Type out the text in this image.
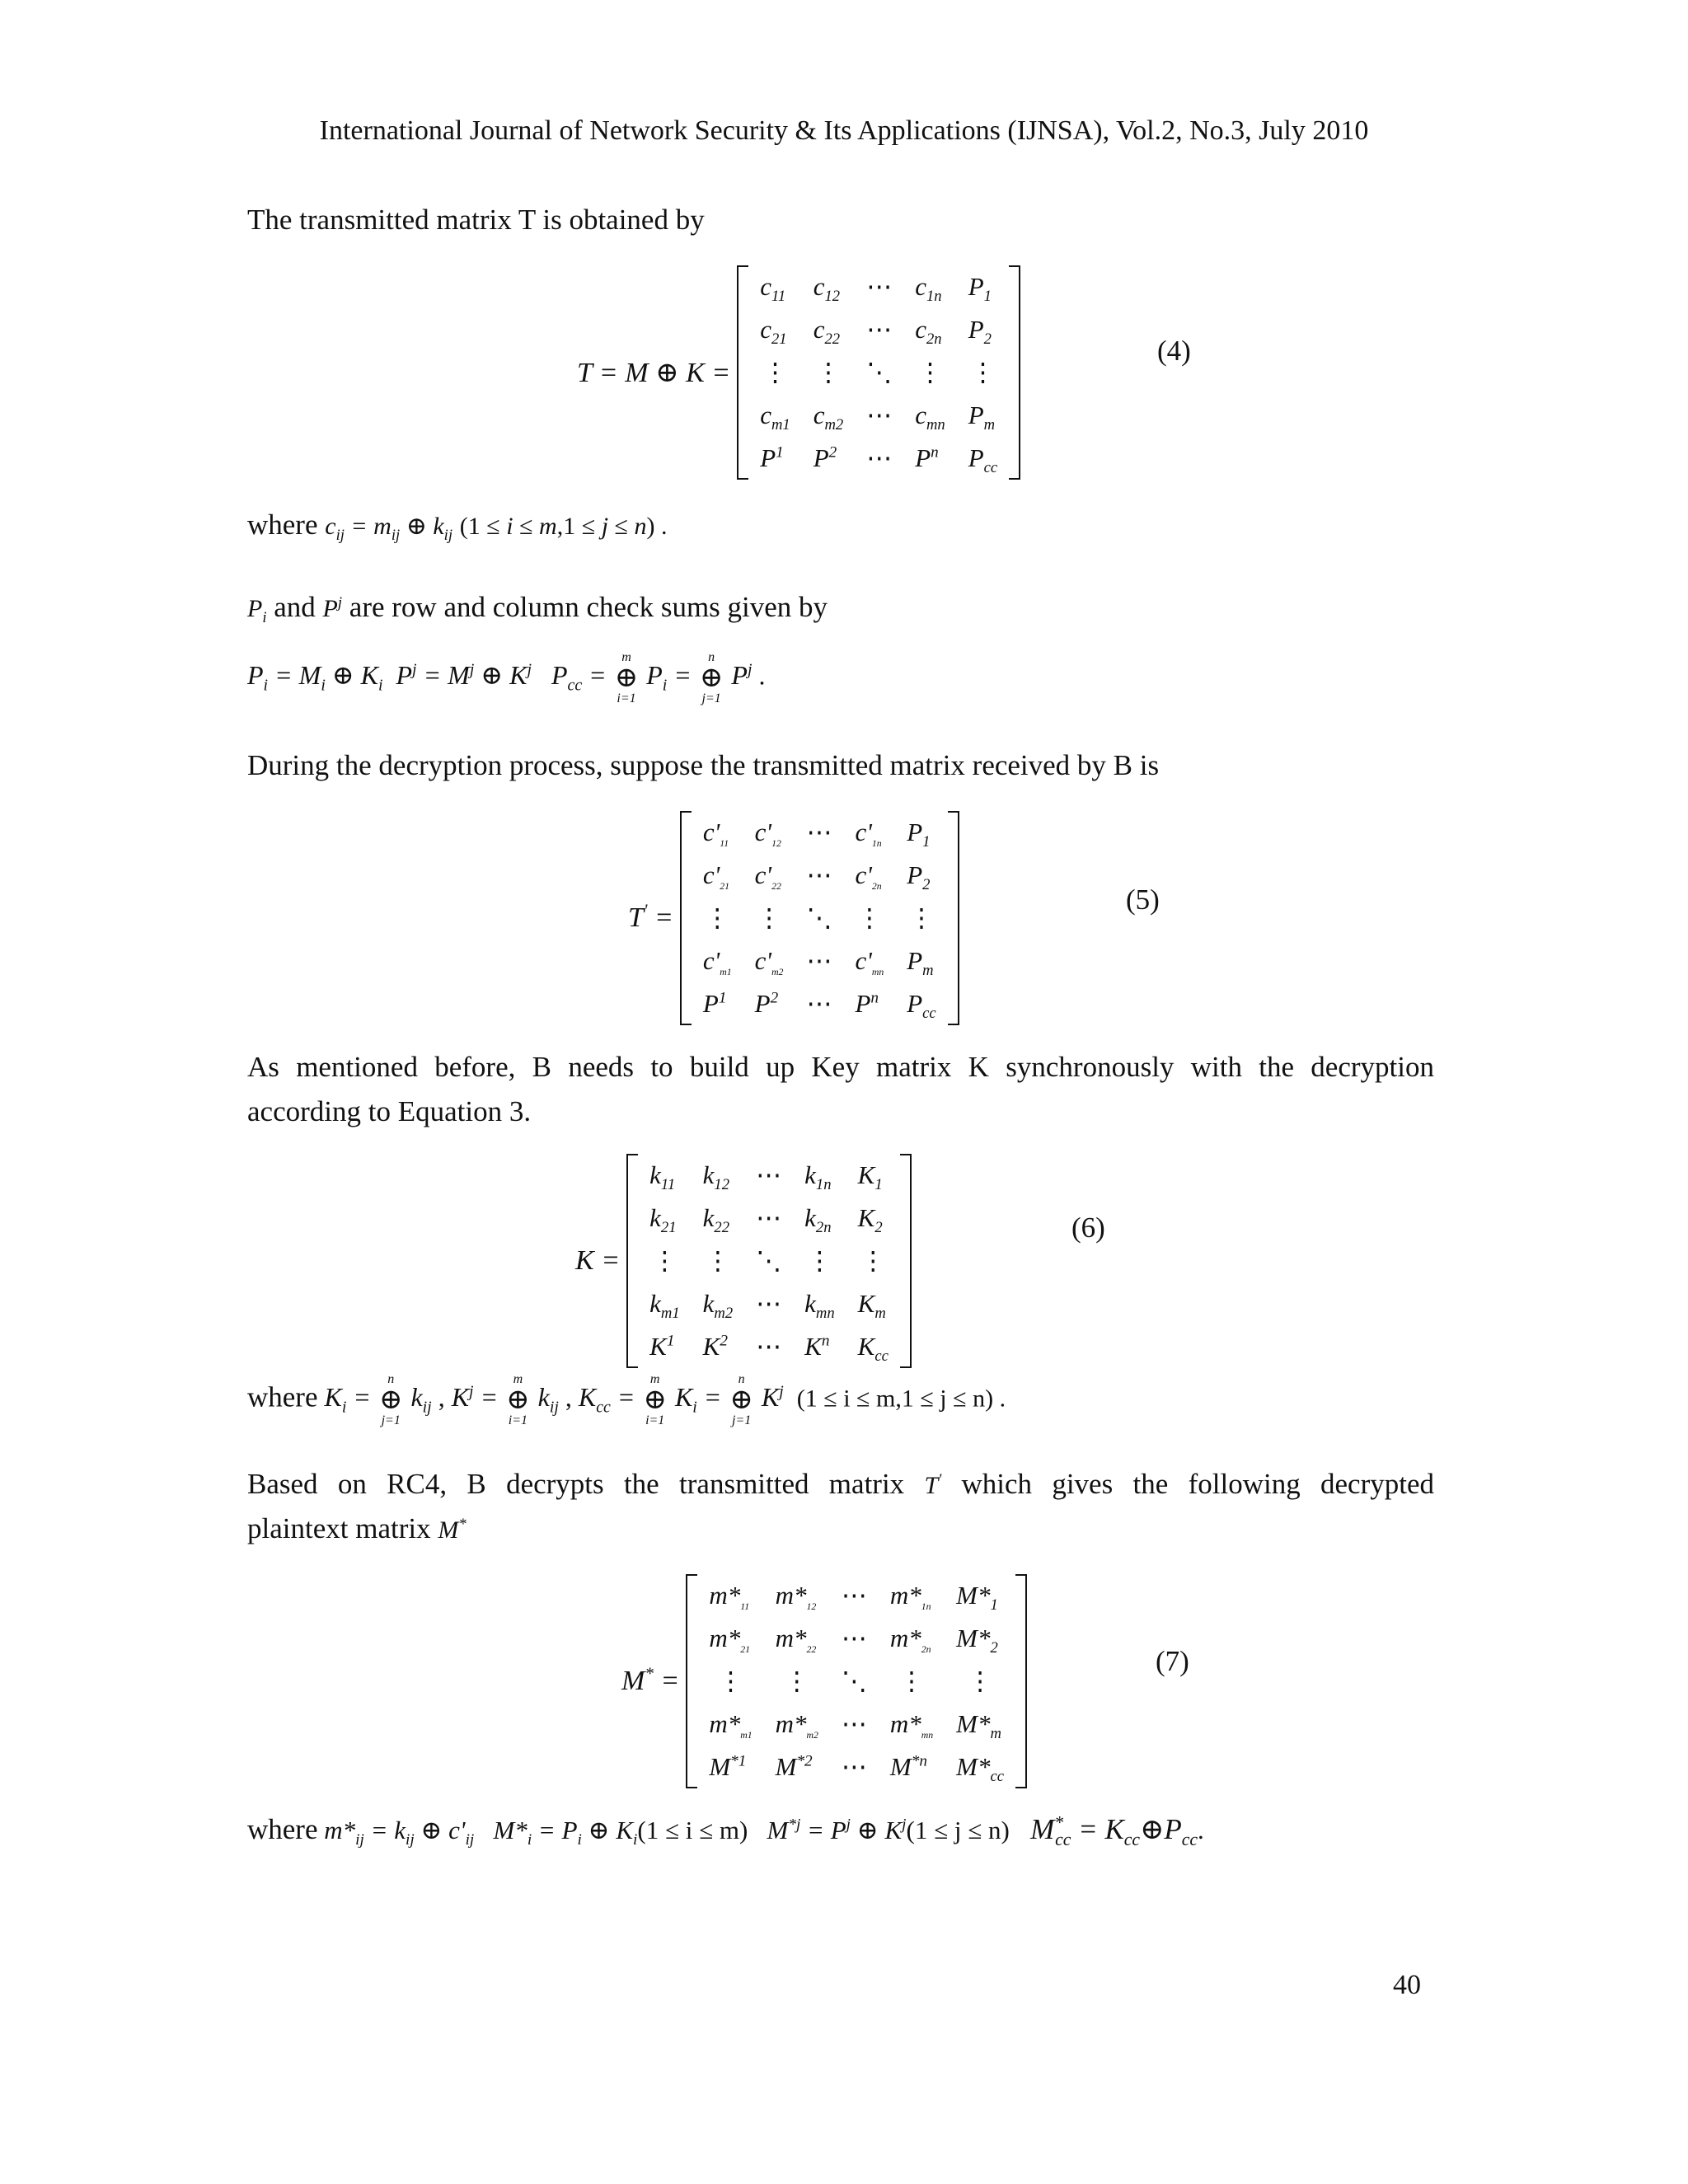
International Journal of Network Security & Its Applications (IJNSA), Vol.2, No.3, July 2010
The transmitted matrix T is obtained by
T = M ⊕ K =
$c_{11}$
$c_{21}$
⋮
$c_{m1}$
$P^1$
$c_{12}$
$c_{22}$
⋮
$c_{m2}$
$P^2$
⋯
⋯
⋱
⋯
⋯
$c_{1n}$
$c_{2n}$
⋮
$c_{mn}$
$P^n$
$P_1$
$P_2$
⋮
$P_m$
$P_{cc}$
(4)
where $c_{ij} = m_{ij}$ ⊕ $k_{ij}$ (1 ≤ i ≤ m,1 ≤ j ≤ n) .
$P_i$ and $P^j$ are row and column check sums given by
$P_i = M_i$ ⊕ $K_i$  $P^j = M^j$ ⊕ $K^j$   $P_{cc}$ =
m
⊕
i=1
$P_i$ =
n
⊕
j=1
$P^j$ .
During the decryption process, suppose the transmitted matrix received by B is
T' =
$c'_{11}$
$c'_{21}$
⋮
$c'_{m1}$
$P^1$
$c'_{12}$
$c'_{22}$
⋮
$c'_{m2}$
$P^2$
⋯
⋯
⋱
⋯
⋯
$c'_{1n}$
$c'_{2n}$
⋮
$c'_{mn}$
$P^n$
$P_1$
$P_2$
⋮
$P_m$
$P_{cc}$
(5)
As mentioned before, B needs to build up Key matrix K synchronously with the decryption
according to Equation 3.
K =
$k_{11}$
$k_{21}$
⋮
$k_{m1}$
$K^1$
$k_{12}$
$k_{22}$
⋮
$k_{m2}$
$K^2$
⋯
⋯
⋱
⋯
⋯
$k_{1n}$
$k_{2n}$
⋮
$k_{mn}$
$K^n$
$K_1$
$K_2$
⋮
$K_m$
$K_{cc}$
(6)
where $K_i$ =
n
⊕
j=1
$k_{ij}$ , $K^j$ =
m
⊕
i=1
$k_{ij}$ , $K_{cc}$ =
m
⊕
i=1
$K_i$ =
n
⊕
j=1
$K^j$ (1 ≤ i ≤ m,1 ≤ j ≤ n) .
Based on RC4, B decrypts the transmitted matrix T' which gives the following decrypted
plaintext matrix M*
M* =
$m*_{11}$
$m*_{21}$
⋮
$m*_{m1}$
$M^{*1}$
$m*_{12}$
$m*_{22}$
⋮
$m*_{m2}$
$M^{*2}$
⋯
⋯
⋱
⋯
⋯
$m*_{1n}$
$m*_{2n}$
⋮
$m*_{mn}$
$M^{*n}$
$M*_1$
$M*_2$
⋮
$M*_m$
$M*_{cc}$
(7)
where $m*_{ij} = k_{ij}$ ⊕ $c'_{ij}$   $M*_i = P_i$ ⊕ $K_i(1 \le i \le m) M^{*j} = P^j$ ⊕ $K^j(1 \le j \le n) M^*_{cc}$ = $K_{cc}\oplus P_{cc}$.
40
